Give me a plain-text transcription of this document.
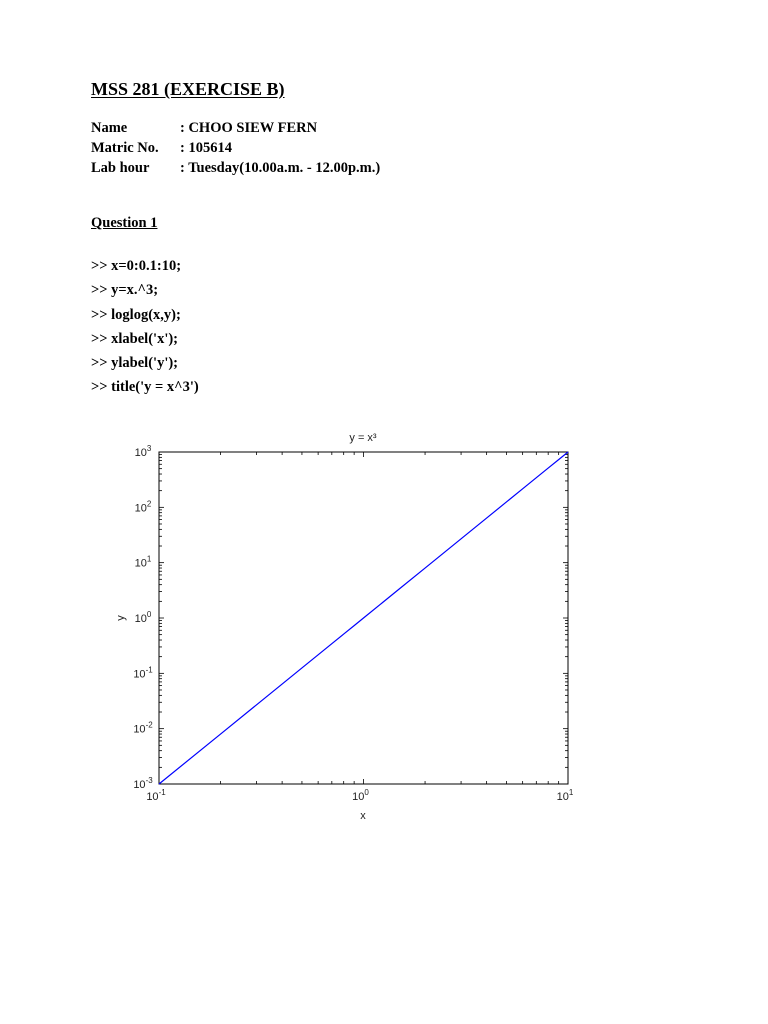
MSS 281 (EXERCISE B)
Name	: CHOO SIEW FERN
Matric No.	: 105614
Lab hour	: Tuesday(10.00a.m. - 12.00p.m.)
Question 1
>> x=0:0.1:10;
>> y=x.^3;
>> loglog(x,y);
>> xlabel('x');
>> ylabel('y');
>> title('y = x^3')
$10^{-1}$	$10^0$	$10^1$
$10^{-3}$
$10^{-2}$
$10^{-1}$
$10^0$
$10^1$
$10^2$
$10^3$
y = x³
x
y
